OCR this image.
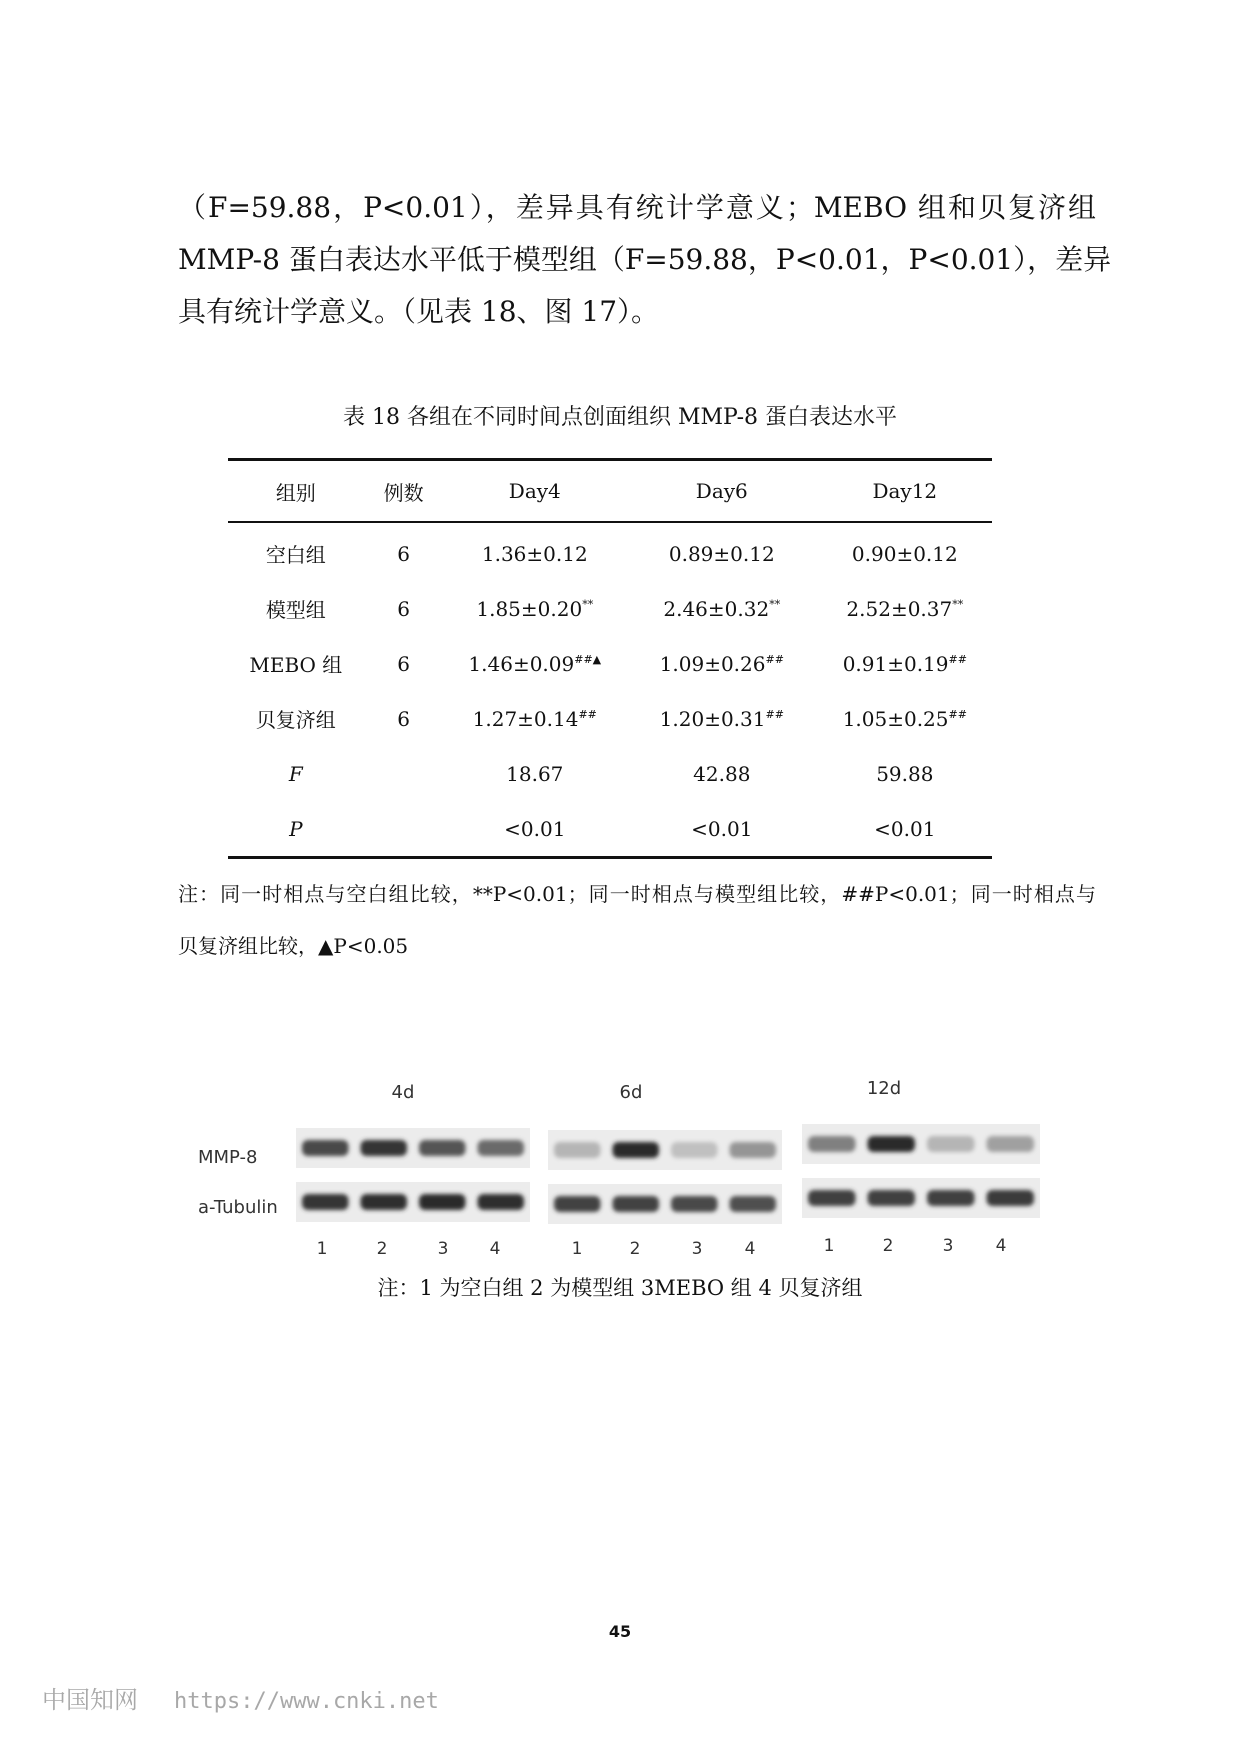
（F=59.88，P<0.01），差异具有统计学意义；MEBO 组和贝复济组
MMP-8 蛋白表达水平低于模型组（F=59.88，P<0.01，P<0.01），差异
具有统计学意义。（见表 18、图 17）。
表 18 各组在不同时间点创面组织 MMP-8 蛋白表达水平
组别	例数	Day4	Day6	Day12
空白组	6	1.36±0.12	0.89±0.12	0.90±0.12
模型组	6	1.85±0.20**	2.46±0.32**	2.52±0.37**
MEBO 组	6	1.46±0.09##▲	1.09±0.26##	0.91±0.19##
贝复济组	6	1.27±0.14##	1.20±0.31##	1.05±0.25##
F		18.67	42.88	59.88
P		<0.01	<0.01	<0.01
注：同一时相点与空白组比较，**P<0.01；同一时相点与模型组比较，##P<0.01；同一时相点与
贝复济组比较，▲P<0.05
MMP-8
a-Tubulin
4d
1	2	3 4
6d
1	2	3 4
12d
1	2	3 4
注：1 为空白组 2 为模型组 3MEBO 组 4 贝复济组
45
中国知网 https://www.cnki.net
